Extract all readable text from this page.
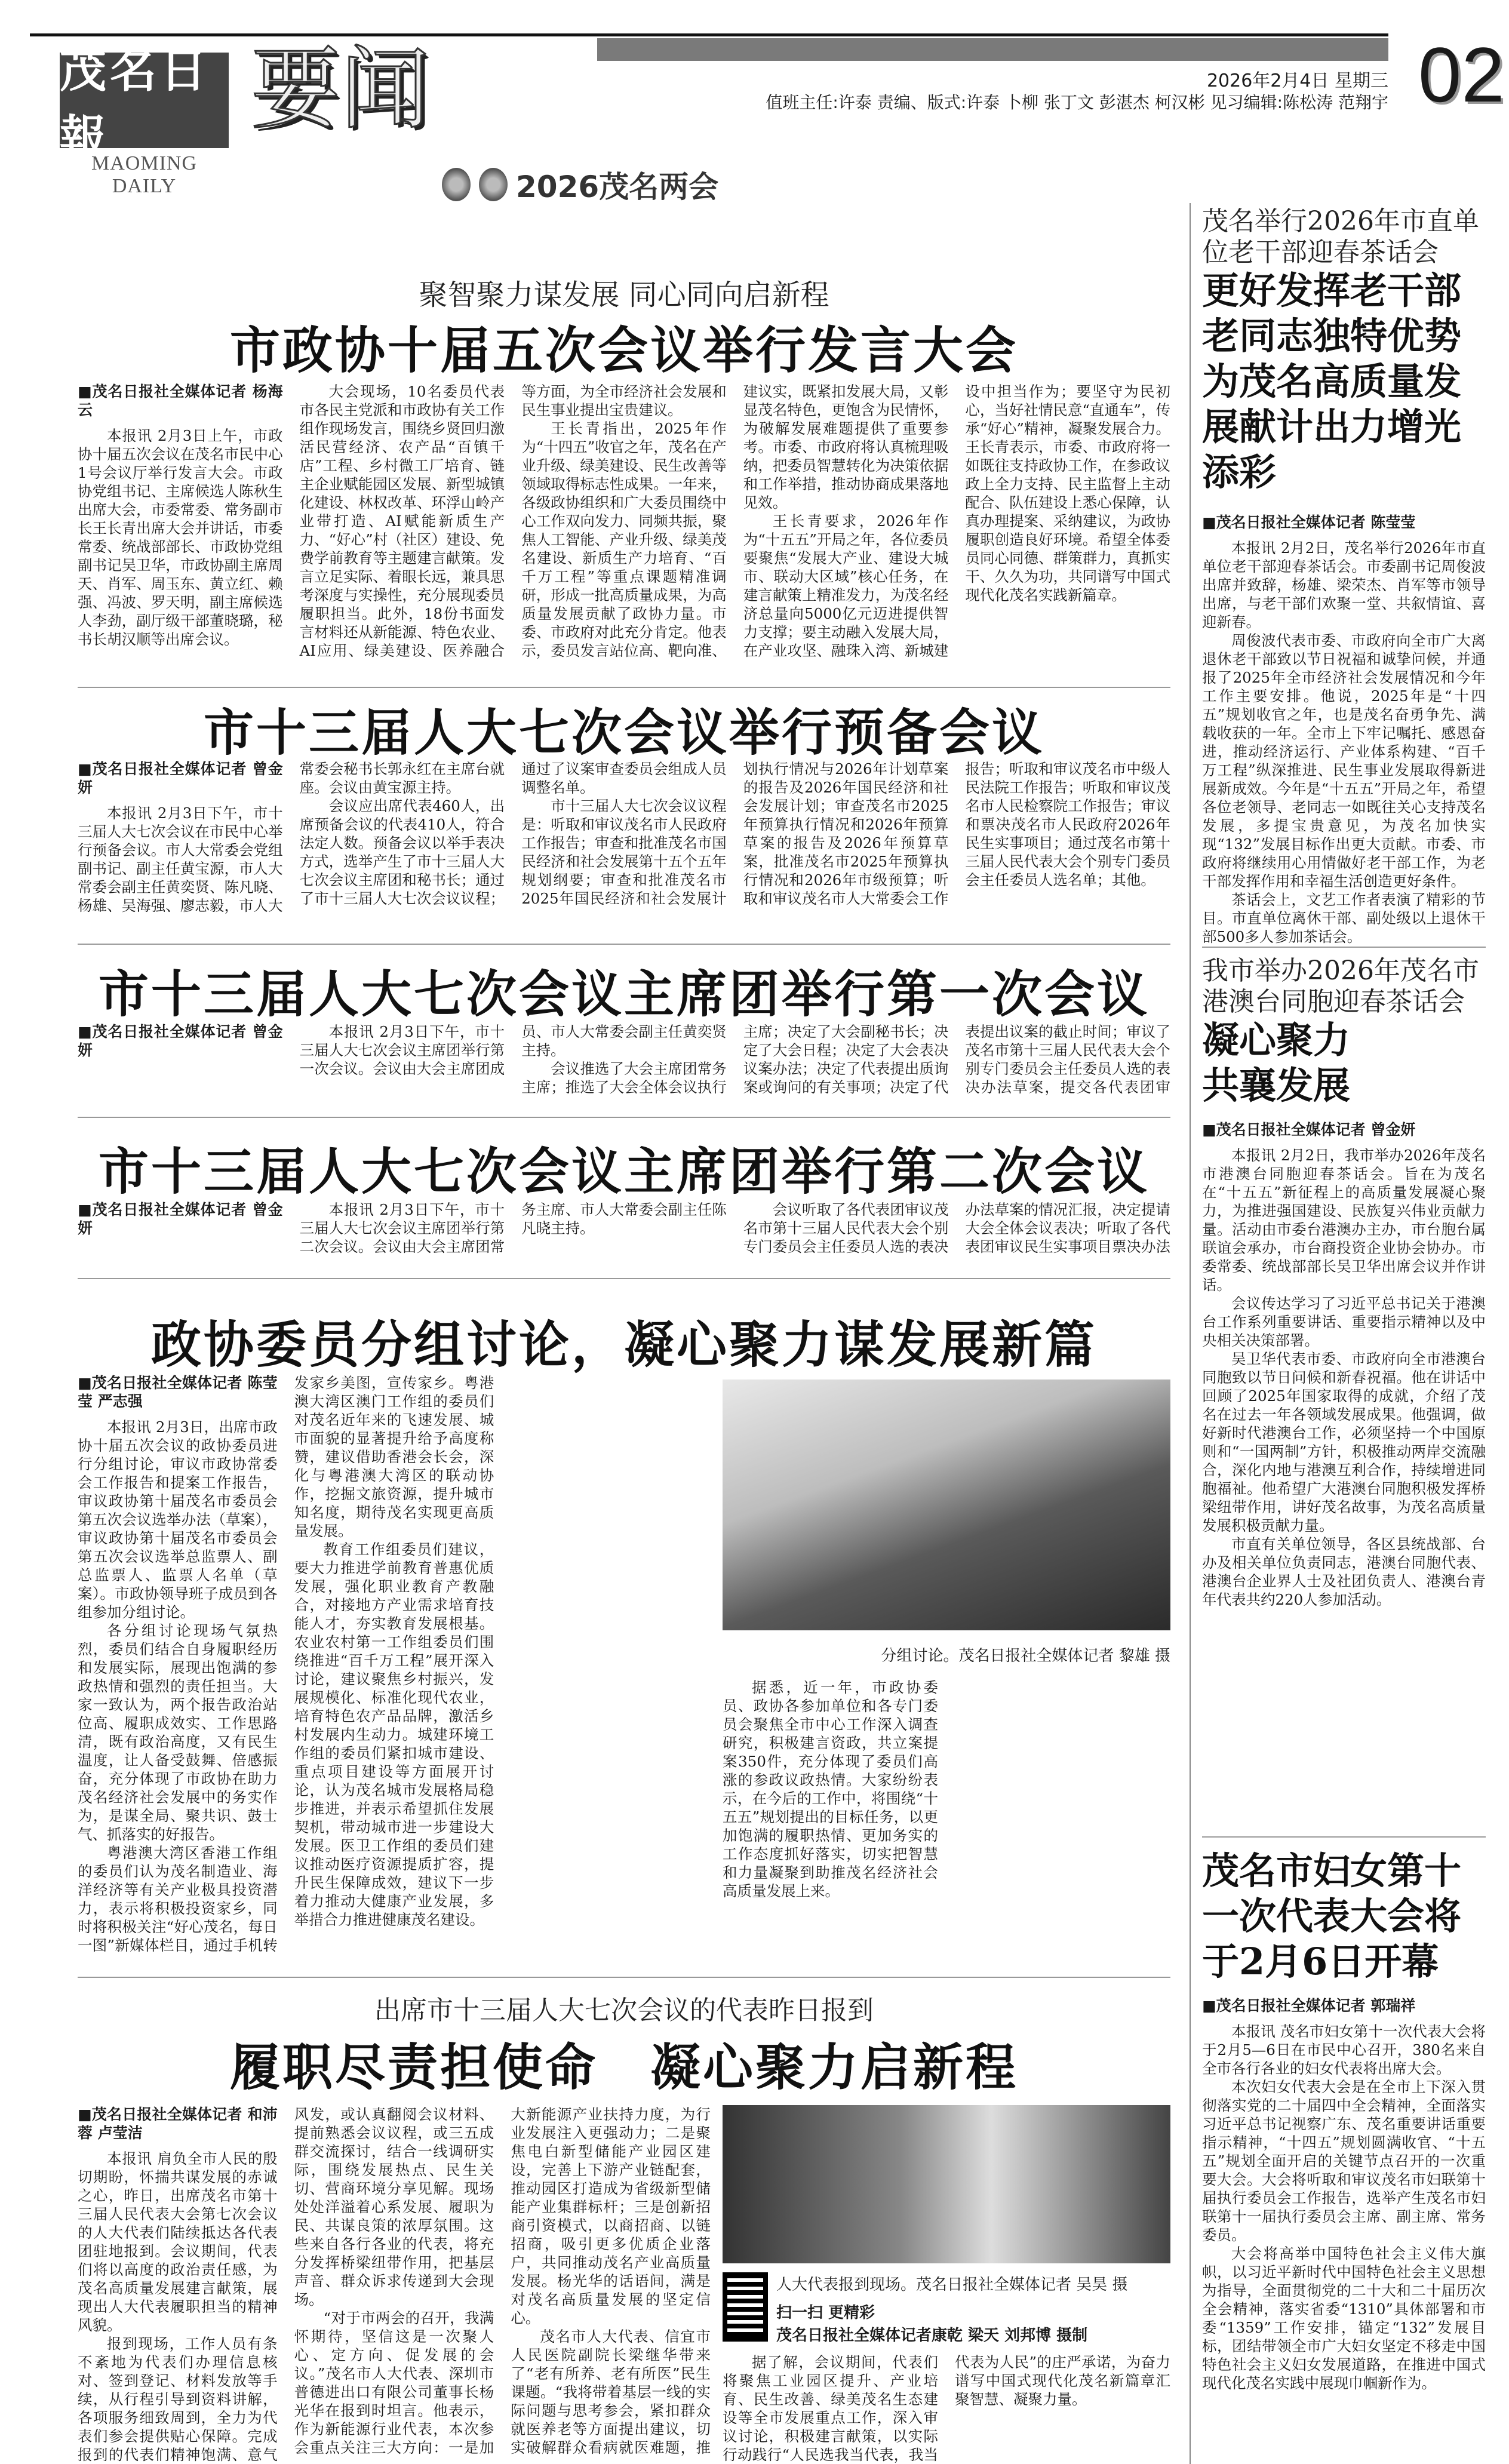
茂名日報
MAOMING DAILY
要闻	2026年2月4日 星期三
值班主任:许泰 责编、版式:许泰 卜柳 张丁文 彭湛杰 柯汉彬 见习编辑:陈松涛 范翔宇 02
2026茂名两会
聚智聚力谋发展 同心同向启新程
市政协十届五次会议举行发言大会
■茂名日报社全媒体记者 杨海云

本报讯 2月3日上午，市政协十届五次会议在茂名市民中心1号会议厅举行发言大会。市政协党组书记、主席候选人陈秋生出席大会，市委常委、常务副市长王长青出席大会并讲话，市委常委、统战部部长、市政协党组副书记吴卫华，市政协副主席周天、肖军、周玉东、黄立红、赖强、冯波、罗天明，副主席候选人李劲，副厅级干部董晓璐，秘书长胡汉顺等出席会议。

大会现场，10名委员代表市各民主党派和市政协有关工作组作现场发言，围绕乡贤回归激活民营经济、农产品“百镇千店”工程、乡村微工厂培育、链主企业赋能园区发展、新型城镇化建设、林权改革、环浮山岭产业带打造、AI赋能新质生产力、“好心”村（社区）建设、免费学前教育等主题建言献策。发言立足实际、着眼长远，兼具思考深度与实操性，充分展现委员履职担当。此外，18份书面发言材料还从新能源、特色农业、AI应用、绿美建设、医养融合等方面，为全市经济社会发展和民生事业提出宝贵建议。

王长青指出，2025年作为“十四五”收官之年，茂名在产业升级、绿美建设、民生改善等领域取得标志性成果。一年来，各级政协组织和广大委员围绕中心工作双向发力、同频共振，聚焦人工智能、产业升级、绿美茂名建设、新质生产力培育、“百千万工程”等重点课题精准调研，形成一批高质量成果，为高质量发展贡献了政协力量。市委、市政府对此充分肯定。他表示，委员发言站位高、靶向准、建议实，既紧扣发展大局，又彰显茂名特色，更饱含为民情怀，为破解发展难题提供了重要参考。市委、市政府将认真梳理吸纳，把委员智慧转化为决策依据和工作举措，推动协商成果落地见效。

王长青要求，2026年作为“十五五”开局之年，各位委员要聚焦“发展大产业、建设大城市、联动大区域”核心任务，在建言献策上精准发力，为茂名经济总量向5000亿元迈进提供智力支撑；要主动融入发展大局，在产业攻坚、融珠入湾、新城建设中担当作为；要坚守为民初心，当好社情民意“直通车”，传承“好心”精神，凝聚发展合力。王长青表示，市委、市政府将一如既往支持政协工作，在参政议政上全力支持、民主监督上主动配合、队伍建设上悉心保障，认真办理提案、采纳建议，为政协履职创造良好环境。希望全体委员同心同德、群策群力，真抓实干、久久为功，共同谱写中国式现代化茂名实践新篇章。

市十三届人大七次会议举行预备会议
■茂名日报社全媒体记者 曾金妍

本报讯 2月3日下午，市十三届人大七次会议在市民中心举行预备会议。市人大常委会党组副书记、副主任黄宝源，市人大常委会副主任黄奕贤、陈凡晓、杨雄、吴海强、廖志毅，市人大常委会秘书长郭永红在主席台就座。会议由黄宝源主持。

会议应出席代表460人，出席预备会议的代表410人，符合法定人数。预备会议以举手表决方式，选举产生了市十三届人大七次会议主席团和秘书长；通过了市十三届人大七次会议议程；通过了议案审查委员会组成人员调整名单。

市十三届人大七次会议议程是：听取和审议茂名市人民政府工作报告；审查和批准茂名市国民经济和社会发展第十五个五年规划纲要；审查和批准茂名市2025年国民经济和社会发展计划执行情况与2026年计划草案的报告及2026年国民经济和社会发展计划；审查茂名市2025年预算执行情况和2026年预算草案的报告及2026年预算草案，批准茂名市2025年预算执行情况和2026年市级预算；听取和审议茂名市人大常委会工作报告；听取和审议茂名市中级人民法院工作报告；听取和审议茂名市人民检察院工作报告；审议和票决茂名市人民政府2026年民生实事项目；通过茂名市第十三届人民代表大会个别专门委员会主任委员人选名单；其他。

市十三届人大七次会议主席团举行第一次会议
■茂名日报社全媒体记者 曾金妍

本报讯 2月3日下午，市十三届人大七次会议主席团举行第一次会议。会议由大会主席团成员、市人大常委会副主任黄奕贤主持。

会议推选了大会主席团常务主席；推选了大会全体会议执行主席；决定了大会副秘书长；决定了大会日程；决定了大会表决议案办法；决定了代表提出质询案或询问的有关事项；决定了代表提出议案的截止时间；审议了茂名市第十三届人民代表大会个别专门委员会主任委员人选的表决办法草案，提交各代表团审

市十三届人大七次会议主席团举行第二次会议
■茂名日报社全媒体记者 曾金妍

本报讯 2月3日下午，市十三届人大七次会议主席团举行第二次会议。会议由大会主席团常务主席、市人大常委会副主任陈凡晓主持。

会议听取了各代表团审议茂名市第十三届人民代表大会个别专门委员会主任委员人选的表决办法草案的情况汇报，决定提请大会全体会议表决；听取了各代表团审议民生实事项目票决办法

政协委员分组讨论，凝心聚力谋发展新篇
■茂名日报社全媒体记者 陈莹莹 严志强

本报讯 2月3日，出席市政协十届五次会议的政协委员进行分组讨论，审议市政协常委会工作报告和提案工作报告，审议政协第十届茂名市委员会第五次会议选举办法（草案），审议政协第十届茂名市委员会第五次会议选举总监票人、副总监票人、监票人名单（草案）。市政协领导班子成员到各组参加分组讨论。

各分组讨论现场气氛热烈，委员们结合自身履职经历和发展实际，展现出饱满的参政热情和强烈的责任担当。大家一致认为，两个报告政治站位高、履职成效实、工作思路清，既有政治高度，又有民生温度，让人备受鼓舞、倍感振奋，充分体现了市政协在助力茂名经济社会发展中的务实作为，是谋全局、聚共识、鼓士气、抓落实的好报告。

粤港澳大湾区香港工作组的委员们认为茂名制造业、海洋经济等有关产业极具投资潜力，表示将积极投资家乡，同时将积极关注“好心茂名，每日一图”新媒体栏目，通过手机转发家乡美图，宣传家乡。粤港澳大湾区澳门工作组的委员们对茂名近年来的飞速发展、城市面貌的显著提升给予高度称赞，建议借助香港会长会，深化与粤港澳大湾区的联动协作，挖掘文旅资源，提升城市知名度，期待茂名实现更高质量发展。

教育工作组委员们建议，要大力推进学前教育普惠优质发展，强化职业教育产教融合，对接地方产业需求培育技能人才，夯实教育发展根基。农业农村第一工作组委员们围绕推进“百千万工程”展开深入讨论，建议聚焦乡村振兴，发展规模化、标准化现代农业，培育特色农产品品牌，激活乡村发展内生动力。城建环境工作组的委员们紧扣城市建设、重点项目建设等方面展开讨论，认为茂名城市发展格局稳步推进，并表示希望抓住发展契机，带动城市进一步建设大发展。医卫工作组的委员们建议推动医疗资源提质扩容，提升民生保障成效，建议下一步着力推动大健康产业发展，多举措合力推进健康茂名建设。

分组讨论。茂名日报社全媒体记者 黎雄 摄

据悉，近一年，市政协委员、政协各参加单位和各专门委员会聚焦全市中心工作深入调查研究，积极建言资政，共立案提案350件，充分体现了委员们高涨的参政议政热情。大家纷纷表示，在今后的工作中，将围绕“十五五”规划提出的目标任务，以更加饱满的履职热情、更加务实的工作态度抓好落实，切实把智慧和力量凝聚到助推茂名经济社会高质量发展上来。

出席市十三届人大七次会议的代表昨日报到
履职尽责担使命　凝心聚力启新程
■茂名日报社全媒体记者 和沛蓉 卢莹洁

本报讯 肩负全市人民的殷切期盼，怀揣共谋发展的赤诚之心，昨日，出席茂名市第十三届人民代表大会第七次会议的人大代表们陆续抵达各代表团驻地报到。会议期间，代表们将以高度的政治责任感，为茂名高质量发展建言献策，展现出人大代表履职担当的精神风貌。

报到现场，工作人员有条不紊地为代表们办理信息核对、签到登记、材料发放等手续，从行程引导到资料讲解，各项服务细致周到，全力为代表们参会提供贴心保障。完成报到的代表们精神饱满、意气风发，或认真翻阅会议材料、提前熟悉会议议程，或三五成群交流探讨，结合一线调研实际，围绕发展热点、民生关切、营商环境分享见解。现场处处洋溢着心系发展、履职为民、共谋良策的浓厚氛围。这些来自各行各业的代表，将充分发挥桥梁纽带作用，把基层声音、群众诉求传递到大会现场。

“对于市两会的召开，我满怀期待，坚信这是一次聚人心、定方向、促发展的会议。”茂名市人大代表、深圳市普德进出口有限公司董事长杨光华在报到时坦言。他表示，作为新能源行业代表，本次参会重点关注三大方向：一是加大新能源产业扶持力度，为行业发展注入更强动力；二是聚焦电白新型储能产业园区建设，完善上下游产业链配套，推动园区打造成为省级新型储能产业集群标杆；三是创新招商引资模式，以商招商、以链招商，吸引更多优质企业落户，共同推动茂名产业高质量发展。杨光华的话语间，满是对茂名高质量发展的坚定信心。

茂名市人大代表、信宜市人民医院副院长梁继华带来了“老有所养、老有所医”民生课题。“我将带着基层一线的实际问题与思考参会，紧扣群众就医养老等方面提出建议，切实破解群众看病就医难题，推

人大代表报到现场。茂名日报社全媒体记者 吴昊 摄
扫一扫 更精彩
茂名日报社全媒体记者康乾 梁天 刘邦博 摄制

据了解，会议期间，代表们将聚焦工业园区提升、产业培育、民生改善、绿美茂名生态建设等全市发展重点工作，深入审议讨论，积极建言献策，以实际行动践行“人民选我当代表，我当代表为人民”的庄严承诺，为奋力谱写中国式现代化茂名新篇章汇聚智慧、凝聚力量。

茂名举行2026年市直单位老干部迎春茶话会
更好发挥老干部老同志独特优势为茂名高质量发展献计出力增光添彩
■茂名日报社全媒体记者 陈莹莹

本报讯 2月2日，茂名举行2026年市直单位老干部迎春茶话会。市委副书记周俊波出席并致辞，杨雄、梁荣杰、肖军等市领导出席，与老干部们欢聚一堂、共叙情谊、喜迎新春。

周俊波代表市委、市政府向全市广大离退休老干部致以节日祝福和诚挚问候，并通报了2025年全市经济社会发展情况和今年工作主要安排。他说，2025年是“十四五”规划收官之年，也是茂名奋勇争先、满载收获的一年。全市上下牢记嘱托、感恩奋进，推动经济运行、产业体系构建、“百千万工程”纵深推进、民生事业发展取得新进展新成效。今年是“十五五”开局之年，希望各位老领导、老同志一如既往关心支持茂名发展，多提宝贵意见，为茂名加快实现“132”发展目标作出更大贡献。市委、市政府将继续用心用情做好老干部工作，为老干部发挥作用和幸福生活创造更好条件。

茶话会上，文艺工作者表演了精彩的节目。市直单位离休干部、副处级以上退休干部500多人参加茶话会。

我市举办2026年茂名市港澳台同胞迎春茶话会
凝心聚力 共襄发展
■茂名日报社全媒体记者 曾金妍

本报讯 2月2日，我市举办2026年茂名市港澳台同胞迎春茶话会。旨在为茂名在“十五五”新征程上的高质量发展凝心聚力，为推进强国建设、民族复兴伟业贡献力量。活动由市委台港澳办主办，市台胞台属联谊会承办，市台商投资企业协会协办。市委常委、统战部部长吴卫华出席会议并作讲话。

会议传达学习了习近平总书记关于港澳台工作系列重要讲话、重要指示精神以及中央相关决策部署。

吴卫华代表市委、市政府向全市港澳台同胞致以节日问候和新春祝福。他在讲话中回顾了2025年国家取得的成就，介绍了茂名在过去一年各领域发展成果。他强调，做好新时代港澳台工作，必须坚持一个中国原则和“一国两制”方针，积极推动两岸交流融合，深化内地与港澳互利合作，持续增进同胞福祉。他希望广大港澳台同胞积极发挥桥梁纽带作用，讲好茂名故事，为茂名高质量发展积极贡献力量。

市直有关单位领导，各区县统战部、台办及相关单位负责同志，港澳台同胞代表、港澳台企业界人士及社团负责人、港澳台青年代表共约220人参加活动。

茂名市妇女第十一次代表大会将于2月6日开幕
■茂名日报社全媒体记者 郭瑞祥

本报讯 茂名市妇女第十一次代表大会将于2月5—6日在市民中心召开，380名来自全市各行各业的妇女代表将出席大会。

本次妇女代表大会是在全市上下深入贯彻落实党的二十届四中全会精神，全面落实习近平总书记视察广东、茂名重要讲话重要指示精神，“十四五”规划圆满收官、“十五五”规划全面开启的关键节点召开的一次重要大会。大会将听取和审议茂名市妇联第十届执行委员会工作报告，选举产生茂名市妇联第十一届执行委员会主席、副主席、常务委员。

大会将高举中国特色社会主义伟大旗帜，以习近平新时代中国特色社会主义思想为指导，全面贯彻党的二十大和二十届历次全会精神，落实省委“1310”具体部署和市委“1359”工作安排，锚定“132”发展目标，团结带领全市广大妇女坚定不移走中国特色社会主义妇女发展道路，在推进中国式现代化茂名实践中展现巾帼新作为。
